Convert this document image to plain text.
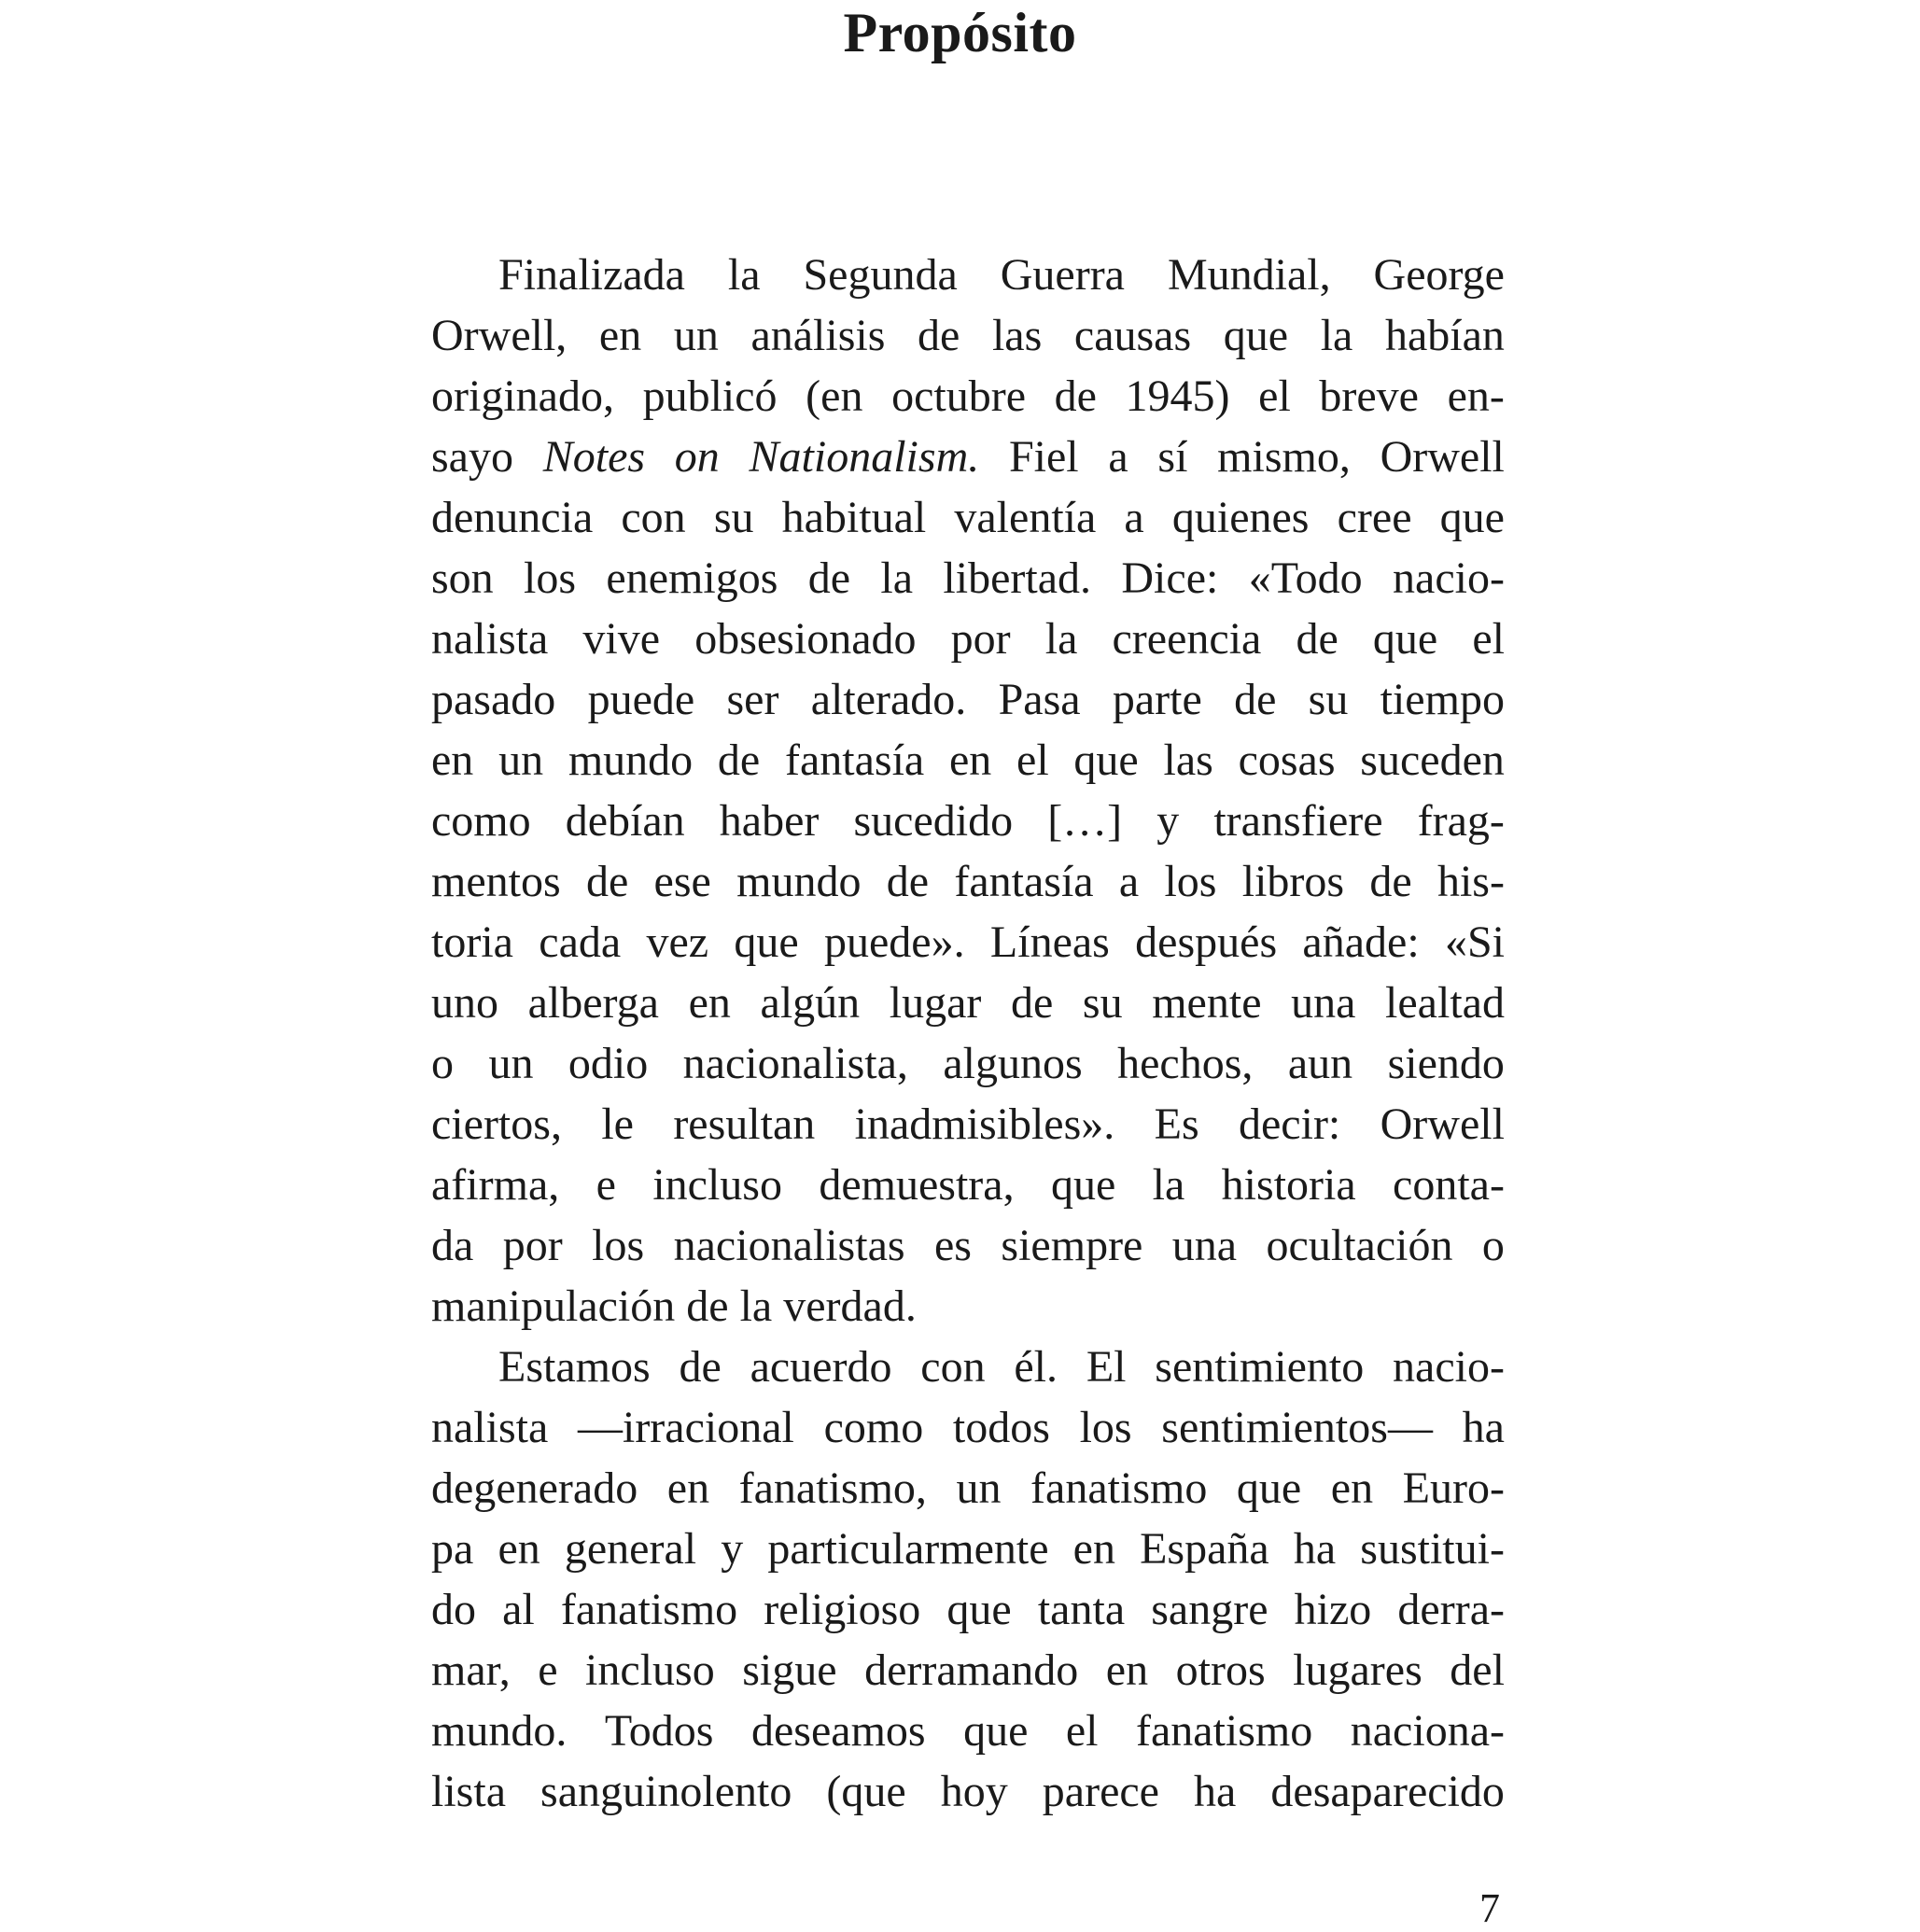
Propósito
Finalizada la Segunda Guerra Mundial, George
Orwell, en un análisis de las causas que la habían
originado, publicó (en octubre de 1945) el breve en-
sayo Notes on Nationalism. Fiel a sí mismo, Orwell
denuncia con su habitual valentía a quienes cree que
son los enemigos de la libertad. Dice: «Todo nacio-
nalista vive obsesionado por la creencia de que el
pasado puede ser alterado. Pasa parte de su tiempo
en un mundo de fantasía en el que las cosas suceden
como debían haber sucedido […] y transfiere frag-
mentos de ese mundo de fantasía a los libros de his-
toria cada vez que puede». Líneas después añade: «Si
uno alberga en algún lugar de su mente una lealtad
o un odio nacionalista, algunos hechos, aun siendo
ciertos, le resultan inadmisibles». Es decir: Orwell
afirma, e incluso demuestra, que la historia conta-
da por los nacionalistas es siempre una ocultación o
manipulación de la verdad.
Estamos de acuerdo con él. El sentimiento nacio-
nalista —irracional como todos los sentimientos— ha
degenerado en fanatismo, un fanatismo que en Euro-
pa en general y particularmente en España ha sustitui-
do al fanatismo religioso que tanta sangre hizo derra-
mar, e incluso sigue derramando en otros lugares del
mundo. Todos deseamos que el fanatismo naciona-
lista sanguinolento (que hoy parece ha desaparecido
7
